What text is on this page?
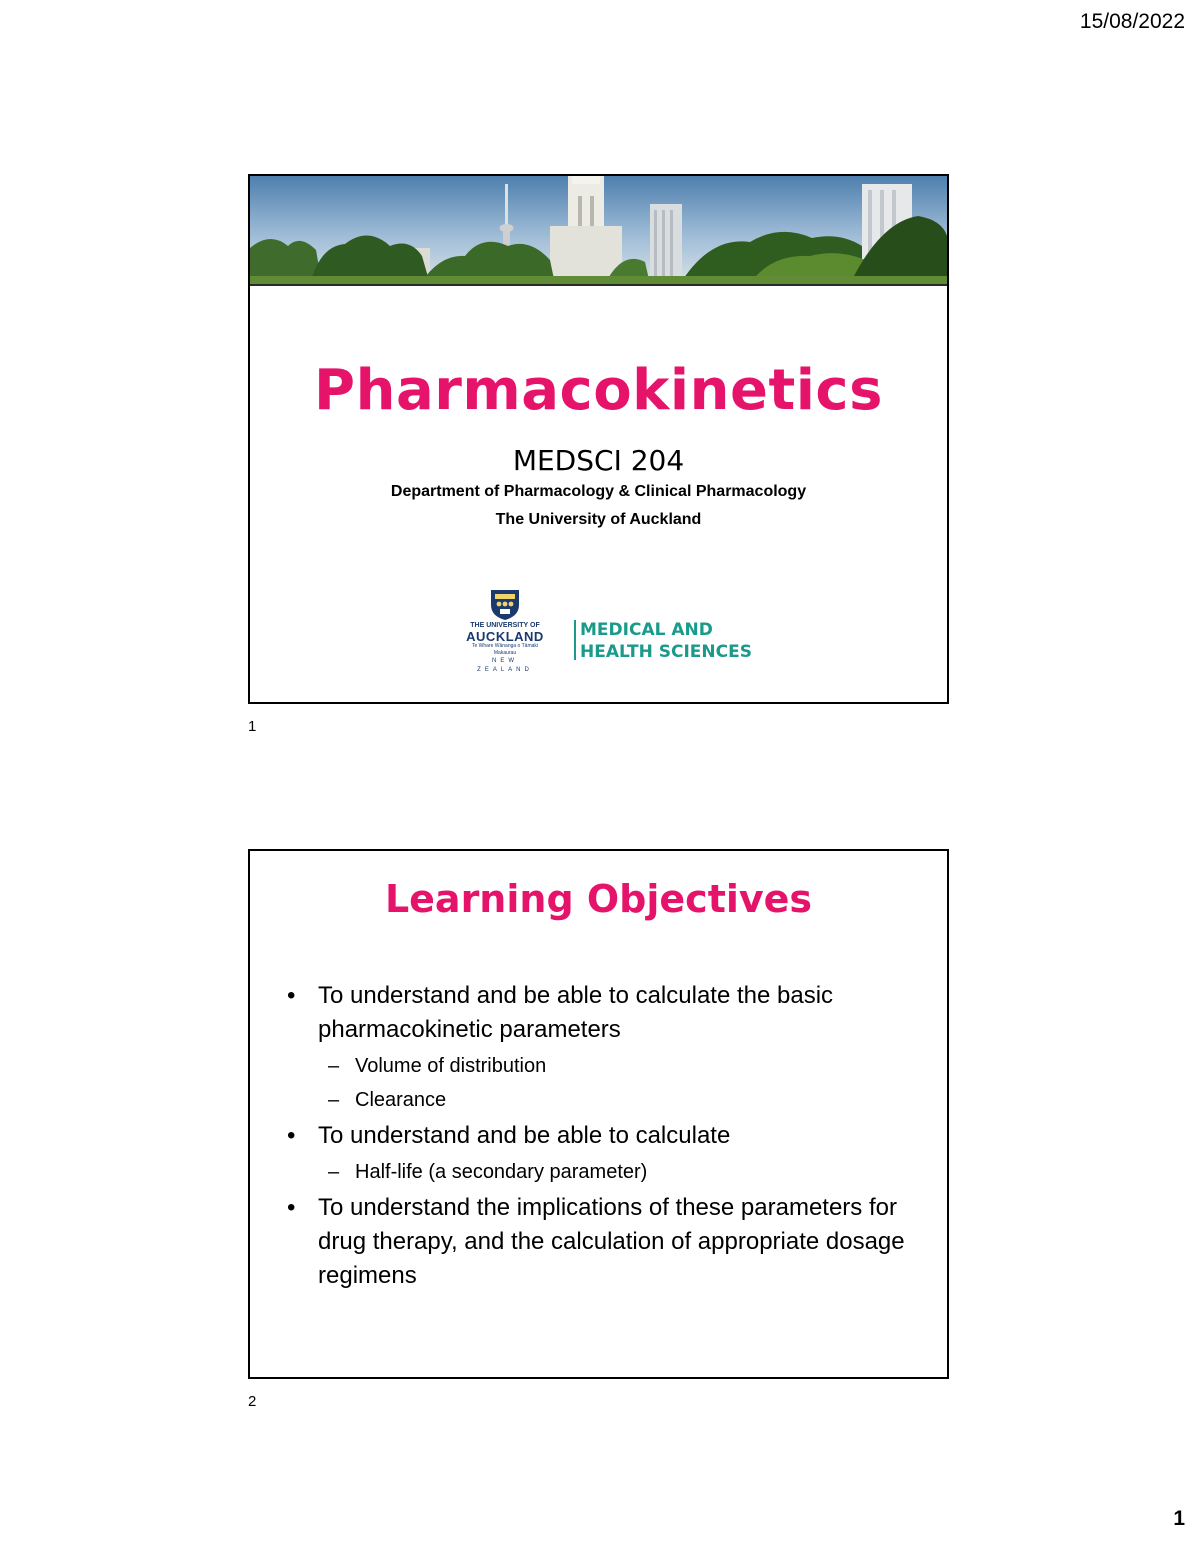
15/08/2022
Pharmacokinetics
MEDSCI 204
Department of Pharmacology & Clinical Pharmacology
The University of Auckland
THE UNIVERSITY OF
AUCKLAND
Te Whare Wānanga o Tāmaki Makaurau
NEW ZEALAND
MEDICAL AND
HEALTH SCIENCES
1
Learning Objectives
• To understand and be able to calculate the basic pharmacokinetic parameters
– Volume of distribution
– Clearance
• To understand and be able to calculate
– Half-life (a secondary parameter)
• To understand the implications of these parameters for drug therapy, and the calculation of appropriate dosage regimens
2
1
